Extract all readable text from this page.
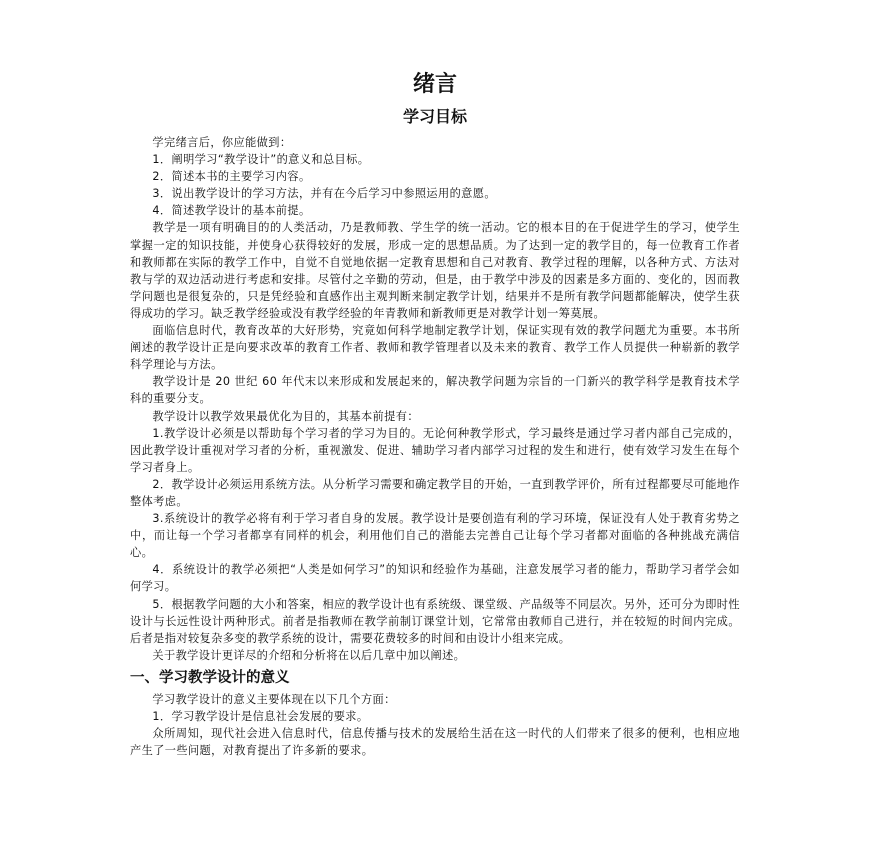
绪言
学习目标

学完绪言后，你应能做到：

1．阐明学习“教学设计”的意义和总目标。

2．简述本书的主要学习内容。

3．说出教学设计的学习方法，并有在今后学习中参照运用的意愿。

4．简述教学设计的基本前提。

教学是一项有明确目的的人类活动，乃是教师教、学生学的统一活动。它的根本目的在于促进学生的学习，使学生掌握一定的知识技能，并使身心获得较好的发展，形成一定的思想品质。为了达到一定的教学目的，每一位教育工作者和教师都在实际的教学工作中，自觉不自觉地依据一定教育思想和自己对教育、教学过程的理解，以各种方式、方法对教与学的双边活动进行考虑和安排。尽管付之辛勤的劳动，但是，由于教学中涉及的因素是多方面的、变化的，因而教学问题也是很复杂的，只是凭经验和直感作出主观判断来制定教学计划，结果并不是所有教学问题都能解决，使学生获得成功的学习。缺乏教学经验或没有教学经验的年青教师和新教师更是对教学计划一筹莫展。

面临信息时代，教育改革的大好形势，究竟如何科学地制定教学计划，保证实现有效的教学问题尤为重要。本书所阐述的教学设计正是向要求改革的教育工作者、教师和教学管理者以及未来的教育、教学工作人员提供一种崭新的教学科学理论与方法。

教学设计是 20 世纪 60 年代末以来形成和发展起来的，解决教学问题为宗旨的一门新兴的教学科学是教育技术学科的重要分支。

教学设计以教学效果最优化为目的，其基本前提有：

1.教学设计必须是以帮助每个学习者的学习为目的。无论何种教学形式，学习最终是通过学习者内部自己完成的，因此教学设计重视对学习者的分析，重视激发、促进、辅助学习者内部学习过程的发生和进行，使有效学习发生在每个学习者身上。

2．教学设计必须运用系统方法。从分析学习需要和确定教学目的开始，一直到教学评价，所有过程都要尽可能地作整体考虑。

3.系统设计的教学必将有利于学习者自身的发展。教学设计是要创造有利的学习环境，保证没有人处于教育劣势之中，而让每一个学习者都享有同样的机会，利用他们自己的潜能去完善自己让每个学习者都对面临的各种挑战充满信心。

4．系统设计的教学必须把“人类是如何学习”的知识和经验作为基础，注意发展学习者的能力，帮助学习者学会如何学习。

5．根据教学问题的大小和答案，相应的教学设计也有系统级、课堂级、产品级等不同层次。另外，还可分为即时性设计与长远性设计两种形式。前者是指教师在教学前制订课堂计划，它常常由教师自己进行，并在较短的时间内完成。后者是指对较复杂多变的教学系统的设计，需要花费较多的时间和由设计小组来完成。

关于教学设计更详尽的介绍和分析将在以后几章中加以阐述。

一、学习教学设计的意义

学习教学设计的意义主要体现在以下几个方面：

1．学习教学设计是信息社会发展的要求。

众所周知，现代社会进入信息时代，信息传播与技术的发展给生活在这一时代的人们带来了很多的便利，也相应地产生了一些问题，对教育提出了许多新的要求。
